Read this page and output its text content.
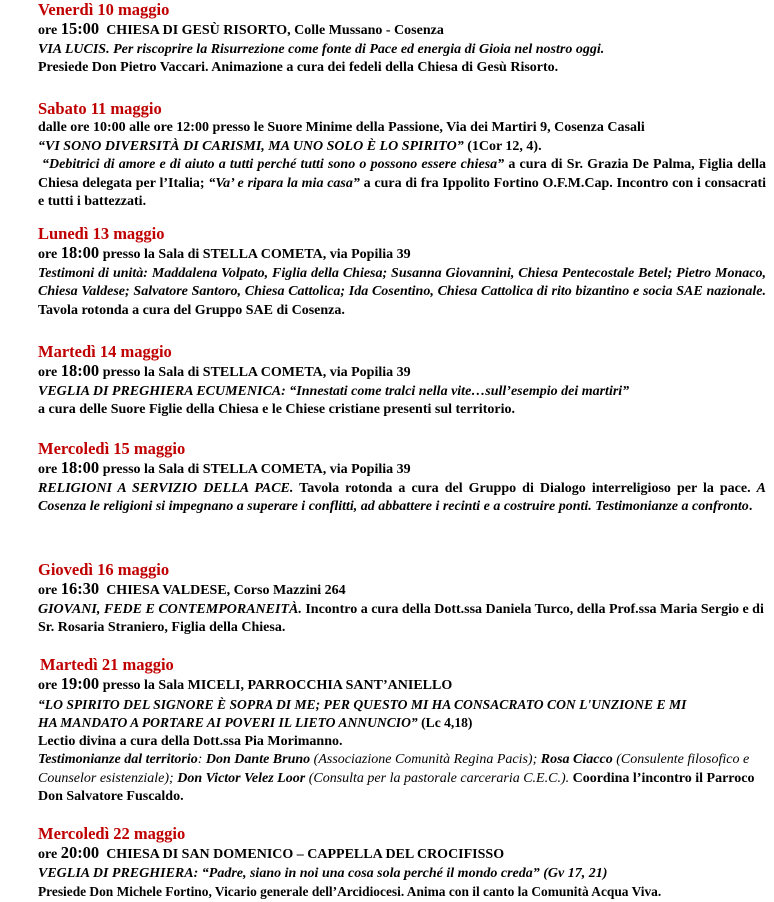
Venerdì 10 maggio

ore 15:00 CHIESA DI GESÙ RISORTO, Colle Mussano - Cosenza

VIA LUCIS. Per riscoprire la Risurrezione come fonte di Pace ed energia di Gioia nel nostro oggi.

Presiede Don Pietro Vaccari. Animazione a cura dei fedeli della Chiesa di Gesù Risorto.

Sabato 11 maggio

dalle ore 10:00 alle ore 12:00 presso le Suore Minime della Passione, Via dei Martiri 9, Cosenza Casali

“VI SONO DIVERSITÀ DI CARISMI, MA UNO SOLO È LO SPIRITO” (1Cor 12, 4).

“Debitrici di amore e di aiuto a tutti perché tutti sono o possono essere chiesa” a cura di Sr. Grazia De Palma, Figlia della Chiesa delegata per l’Italia; “Va’ e ripara la mia casa” a cura di fra Ippolito Fortino O.F.M.Cap. Incontro con i consacrati e tutti i battezzati.

Lunedì 13 maggio

ore 18:00 presso la Sala di STELLA COMETA, via Popilia 39

Testimoni di unità: Maddalena Volpato, Figlia della Chiesa; Susanna Giovannini, Chiesa Pentecostale Betel; Pietro Monaco, Chiesa Valdese; Salvatore Santoro, Chiesa Cattolica; Ida Cosentino, Chiesa Cattolica di rito bizantino e socia SAE nazionale. Tavola rotonda a cura del Gruppo SAE di Cosenza.

Martedì 14 maggio

ore 18:00 presso la Sala di STELLA COMETA, via Popilia 39

VEGLIA DI PREGHIERA ECUMENICA: “Innestati come tralci nella vite…sull’esempio dei martiri”

a cura delle Suore Figlie della Chiesa e le Chiese cristiane presenti sul territorio.

Mercoledì 15 maggio

ore 18:00 presso la Sala di STELLA COMETA, via Popilia 39

RELIGIONI A SERVIZIO DELLA PACE. Tavola rotonda a cura del Gruppo di Dialogo interreligioso per la pace. A Cosenza le religioni si impegnano a superare i conflitti, ad abbattere i recinti e a costruire ponti. Testimonianze a confronto.

Giovedì 16 maggio

ore 16:30 CHIESA VALDESE, Corso Mazzini 264

GIOVANI, FEDE E CONTEMPORANEITÀ. Incontro a cura della Dott.ssa Daniela Turco, della Prof.ssa Maria Sergio e di Sr. Rosaria Straniero, Figlia della Chiesa.

Martedì 21 maggio

ore 19:00 presso la Sala MICELI, PARROCCHIA SANT’ANIELLO

“LO SPIRITO DEL SIGNORE È SOPRA DI ME; PER QUESTO MI HA CONSACRATO CON L'UNZIONE E MI

HA MANDATO A PORTARE AI POVERI IL LIETO ANNUNCIO” (Lc 4,18)

Lectio divina a cura della Dott.ssa Pia Morimanno.

Testimonianze dal territorio: Don Dante Bruno (Associazione Comunità Regina Pacis); Rosa Ciacco (Consulente filosofico e Counselor esistenziale); Don Victor Velez Loor (Consulta per la pastorale carceraria C.E.C.). Coordina l’incontro il Parroco Don Salvatore Fuscaldo.

Mercoledì 22 maggio

ore 20:00 CHIESA DI SAN DOMENICO – CAPPELLA DEL CROCIFISSO

VEGLIA DI PREGHIERA: “Padre, siano in noi una cosa sola perché il mondo creda” (Gv 17, 21)

Presiede Don Michele Fortino, Vicario generale dell’Arcidiocesi. Anima con il canto la Comunità Acqua Viva.
